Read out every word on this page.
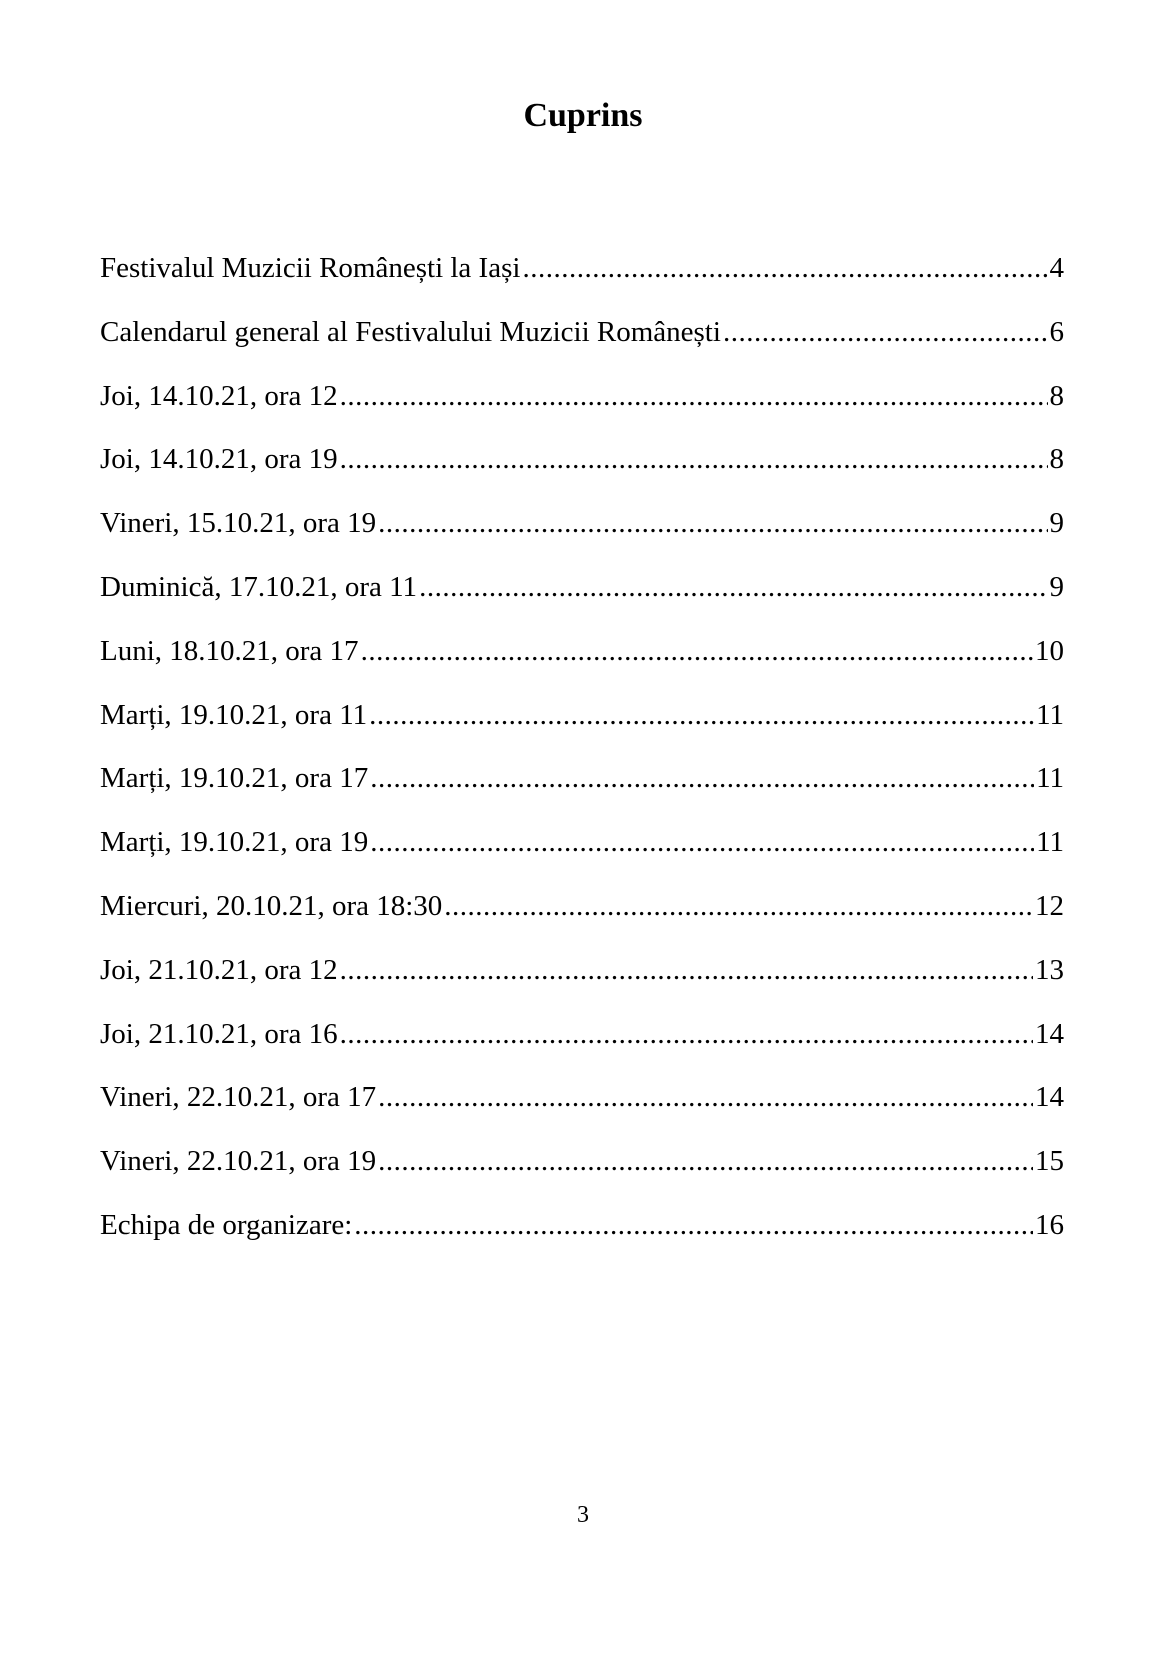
Cuprins
Festivalul Muzicii Românești la Iași .....	4
Calendarul general al Festivalului Muzicii Românești .....	6
Joi, 14.10.21, ora 12 .....	8
Joi, 14.10.21, ora 19 .....	8
Vineri, 15.10.21, ora 19 .....	9
Duminică, 17.10.21, ora 11 .....	9
Luni, 18.10.21, ora 17 .....	10
Marți, 19.10.21, ora 11 .....	11
Marți, 19.10.21, ora 17 .....	11
Marți, 19.10.21, ora 19 .....	11
Miercuri, 20.10.21, ora 18:30 .....	12
Joi, 21.10.21, ora 12 .....	13
Joi, 21.10.21, ora 16 .....	14
Vineri, 22.10.21, ora 17 .....	14
Vineri, 22.10.21, ora 19 .....	15
Echipa de organizare: .....	16
3
